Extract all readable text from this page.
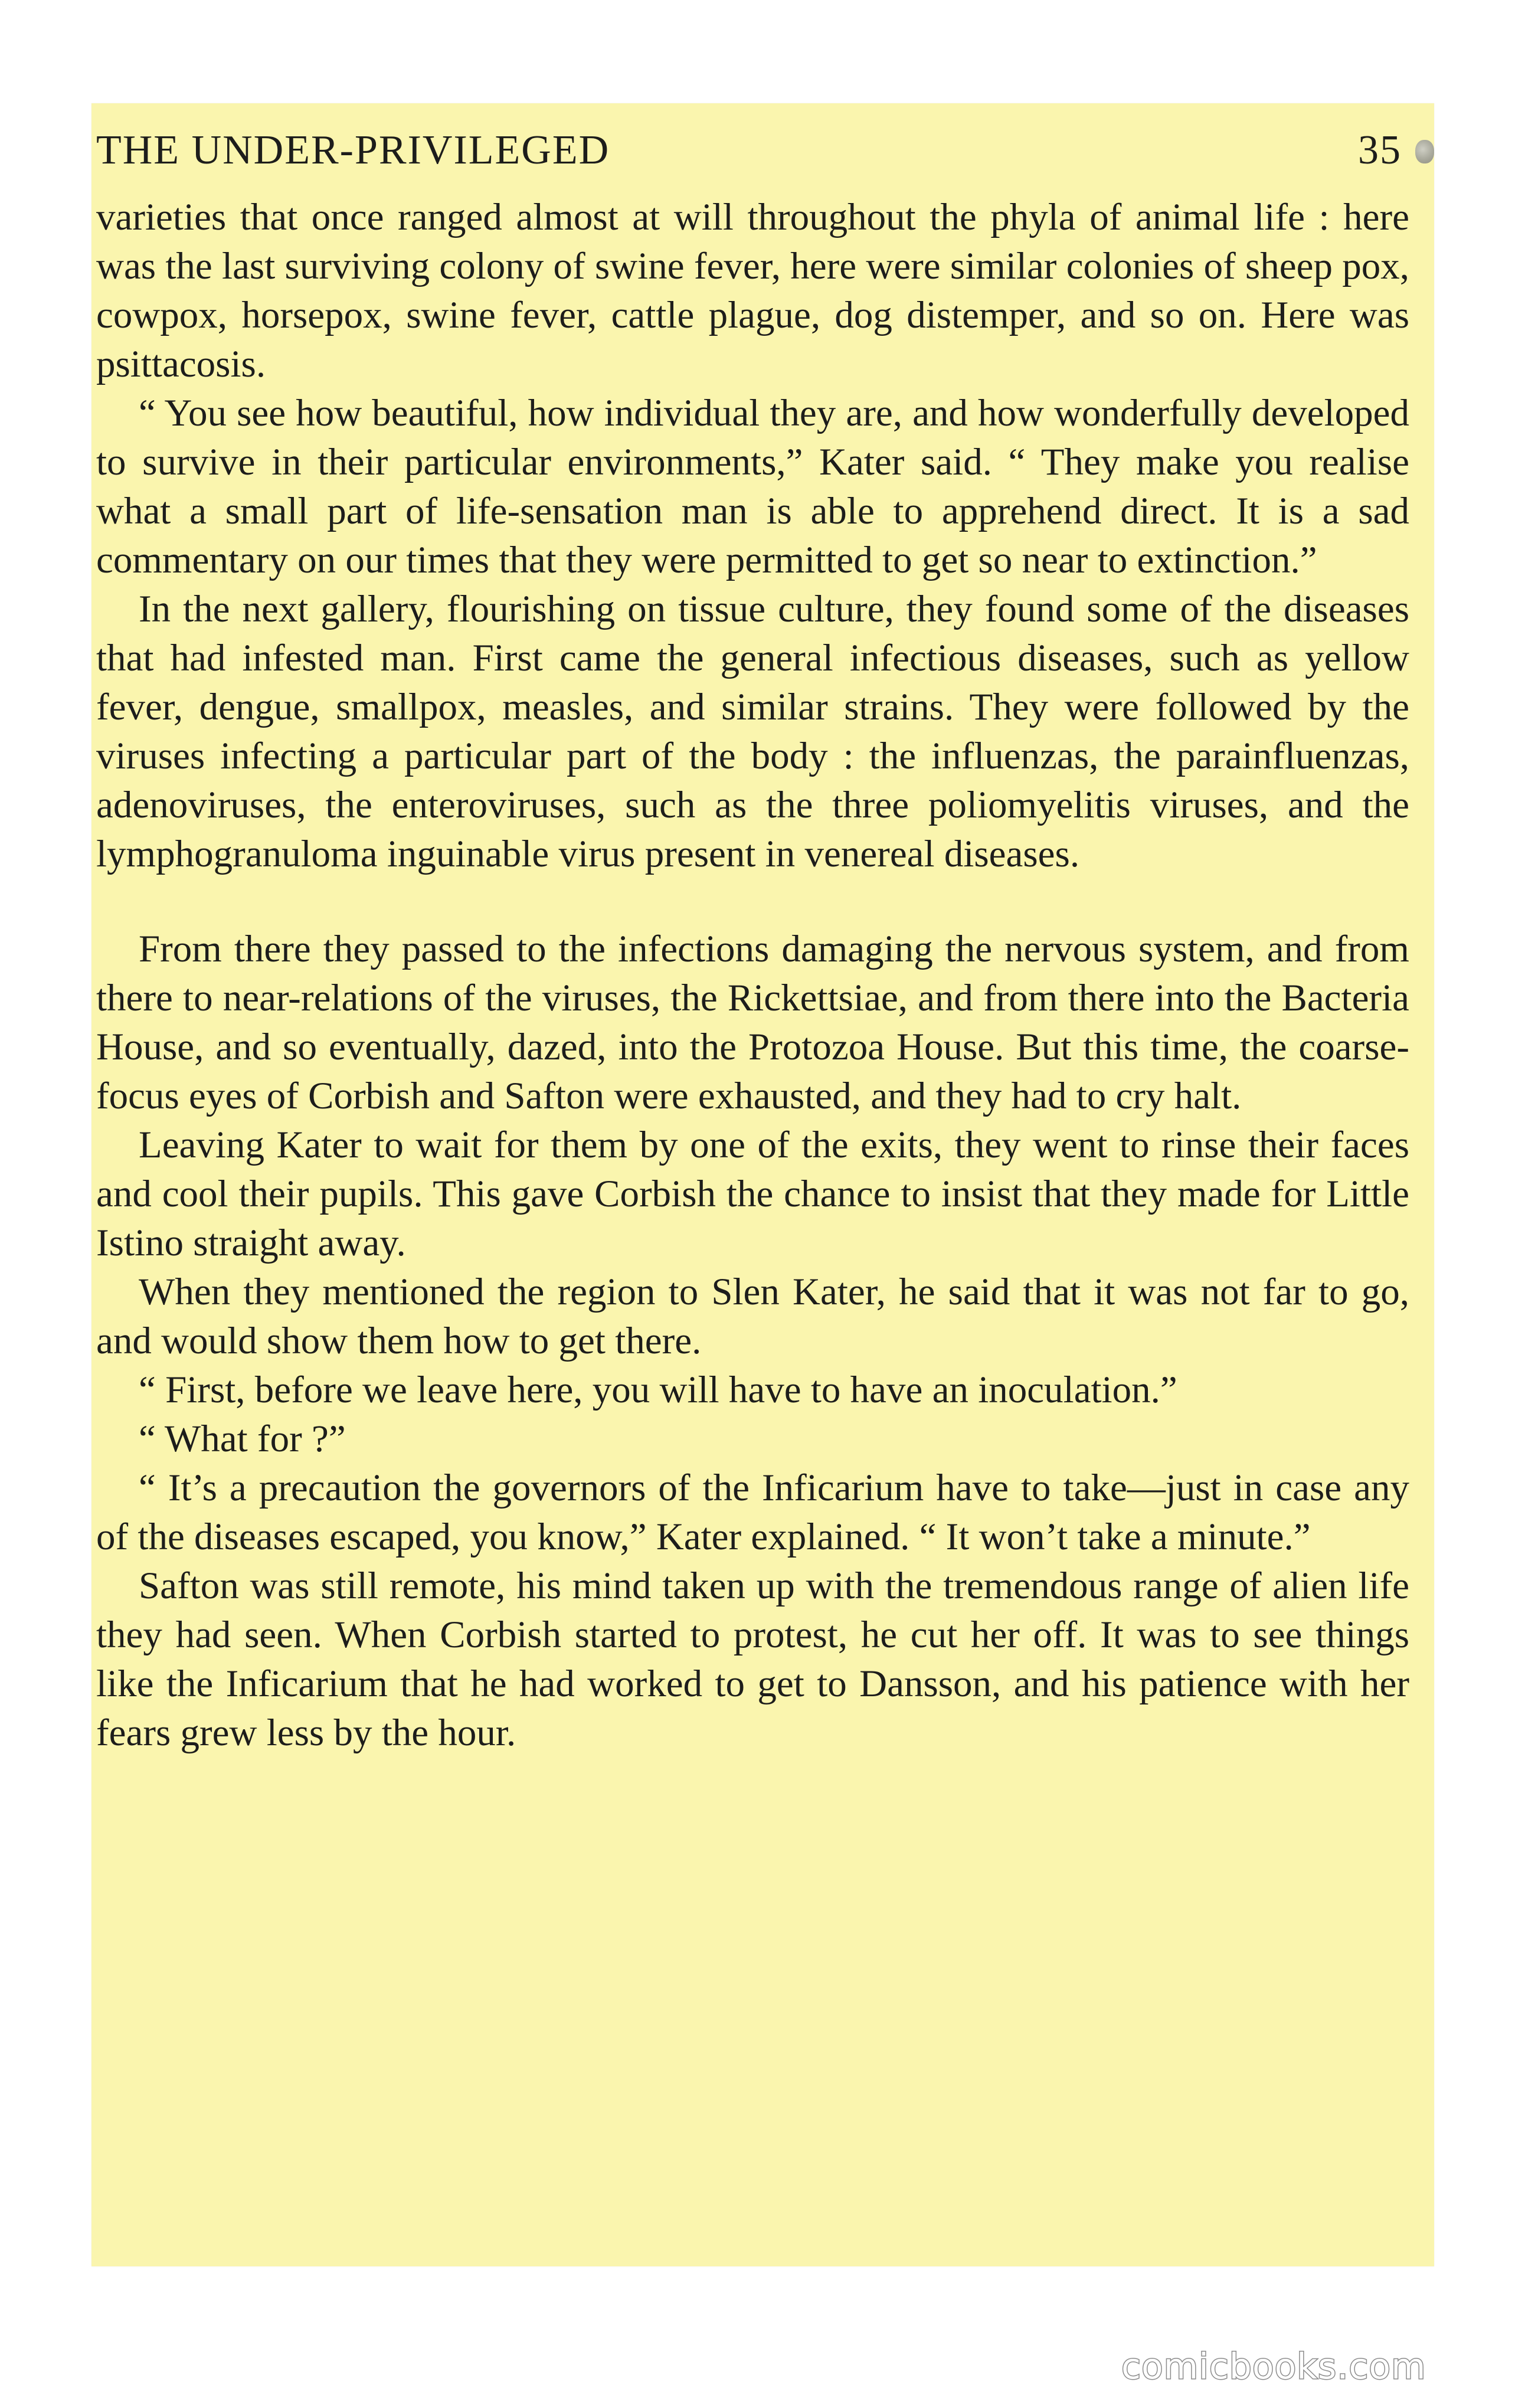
THE UNDER-PRIVILEGED	35

varieties that once ranged almost at will throughout the phyla of animal life : here was the last surviving colony of swine fever, here were similar colonies of sheep pox, cowpox, horsepox, swine fever, cattle plague, dog distemper, and so on. Here was psittacosis.

“ You see how beautiful, how individual they are, and how wonderfully developed to survive in their particular environments,” Kater said. “ They make you realise what a small part of life-sensation man is able to apprehend direct. It is a sad commentary on our times that they were permitted to get so near to extinction.”

In the next gallery, flourishing on tissue culture, they found some of the diseases that had infested man. First came the general infectious diseases, such as yellow fever, dengue, smallpox, measles, and similar strains. They were followed by the viruses infecting a particular part of the body : the influenzas, the parainfluenzas, adenoviruses, the enteroviruses, such as the three poliomyelitis viruses, and the lymphogranuloma inguinable virus present in venereal diseases.

From there they passed to the infections damaging the nervous system, and from there to near-relations of the viruses, the Rickettsiae, and from there into the Bacteria House, and so eventually, dazed, into the Protozoa House. But this time, the coarse-focus eyes of Corbish and Safton were exhausted, and they had to cry halt.

Leaving Kater to wait for them by one of the exits, they went to rinse their faces and cool their pupils. This gave Corbish the chance to insist that they made for Little Istino straight away.

When they mentioned the region to Slen Kater, he said that it was not far to go, and would show them how to get there.

“ First, before we leave here, you will have to have an inoculation.”

“ What for ?”

“ It’s a precaution the governors of the Inficarium have to take—just in case any of the diseases escaped, you know,” Kater explained. “ It won’t take a minute.”

Safton was still remote, his mind taken up with the tremendous range of alien life they had seen. When Corbish started to protest, he cut her off. It was to see things like the Inficarium that he had worked to get to Dansson, and his patience with her fears grew less by the hour.

comicbooks.com
